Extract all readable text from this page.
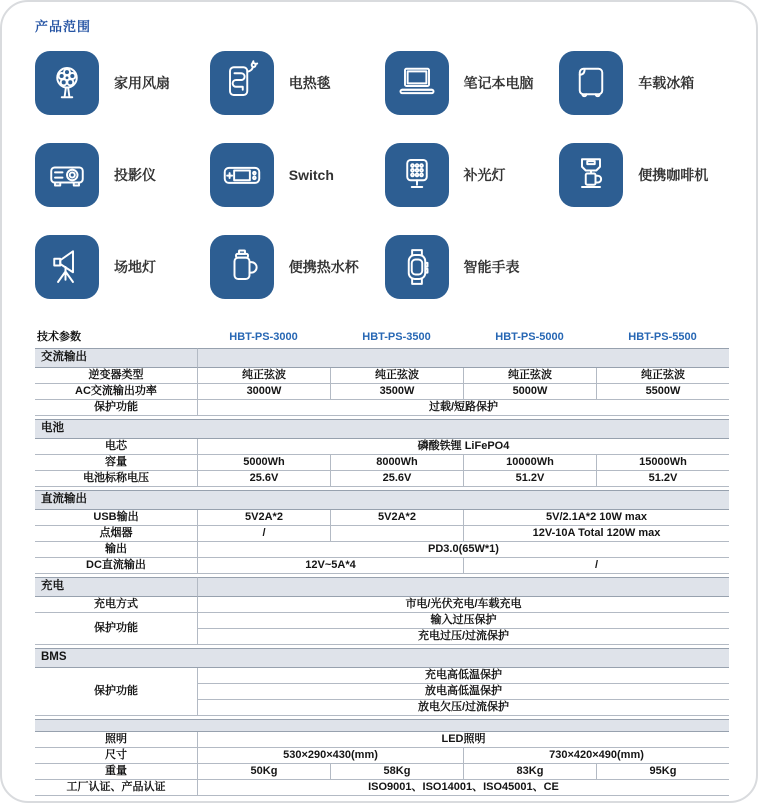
产品范围
家用风扇	电热毯	笔记本电脑	车载冰箱
投影仪	Switch	补光灯	便携咖啡机
场地灯	便携热水杯	智能手表
技术参数	HBT-PS-3000	HBT-PS-3500	HBT-PS-5000	HBT-PS-5500

交流输出				
逆变器类型	纯正弦波	纯正弦波	纯正弦波	纯正弦波
AC交流输出功率	3000W	3500W	5000W	5500W
保护功能	过载/短路保护			

电池				
电芯	磷酸铁锂 LiFePO4			
容量	5000Wh	8000Wh	10000Wh	15000Wh
电池标称电压	25.6V	25.6V	51.2V	51.2V

直流输出				
USB输出	5V2A*2	5V2A*2	5V/2.1A*2 10W max	
点烟器	/		12V-10A Total 120W max	
输出	PD3.0(65W*1)			
DC直流输出	12V~5A*4		/	

充电				
充电方式	市电/光伏充电/车载充电			
保护功能	输入过压保护			
	充电过压/过流保护			

BMS				
保护功能	充电高低温保护			
	放电高低温保护			
	放电欠压/过流保护			

照明	LED照明			
尺寸	530×290×430(mm)		730×420×490(mm)	
重量	50Kg	58Kg	83Kg	95Kg
工厂认证、产品认证	ISO9001、ISO14001、ISO45001、CE			
